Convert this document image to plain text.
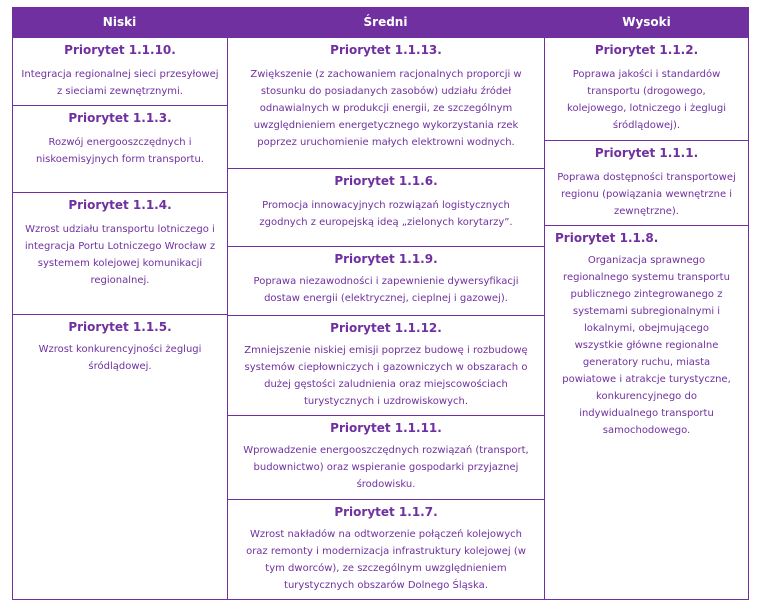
Niski	Średni	Wysoki
Priorytet 1.1.10.
Integracja regionalnej sieci przesyłowej z sieciami zewnętrznymi.
Priorytet 1.1.3.
Rozwój energooszczędnych i niskoemisyjnych form transportu.
Priorytet 1.1.4.
Wzrost udziału transportu lotniczego i integracja Portu Lotniczego Wrocław z systemem kolejowej komunikacji regionalnej.
Priorytet 1.1.5.
Wzrost konkurencyjności żeglugi śródlądowej.
Priorytet 1.1.13.
Zwiększenie (z zachowaniem racjonalnych proporcji w stosunku do posiadanych zasobów) udziału źródeł odnawialnych w produkcji energii, ze szczególnym uwzględnieniem energetycznego wykorzystania rzek poprzez uruchomienie małych elektrowni wodnych.
Priorytet 1.1.6.
Promocja innowacyjnych rozwiązań logistycznych zgodnych z europejską ideą „zielonych korytarzy”.
Priorytet 1.1.9.
Poprawa niezawodności i zapewnienie dywersyfikacji dostaw energii (elektrycznej, cieplnej i gazowej).
Priorytet 1.1.12.
Zmniejszenie niskiej emisji poprzez budowę i rozbudowę systemów ciepłowniczych i gazowniczych w obszarach o dużej gęstości zaludnienia oraz miejscowościach turystycznych i uzdrowiskowych.
Priorytet 1.1.11.
Wprowadzenie energooszczędnych rozwiązań (transport, budownictwo) oraz wspieranie gospodarki przyjaznej środowisku.
Priorytet 1.1.7.
Wzrost nakładów na odtworzenie połączeń kolejowych oraz remonty i modernizacja infrastruktury kolejowej (w tym dworców), ze szczególnym uwzględnieniem turystycznych obszarów Dolnego Śląska.
Priorytet 1.1.2.
Poprawa jakości i standardów transportu (drogowego, kolejowego, lotniczego i żeglugi śródlądowej).
Priorytet 1.1.1.
Poprawa dostępności transportowej regionu (powiązania wewnętrzne i zewnętrzne).
Priorytet 1.1.8.
Organizacja sprawnego regionalnego systemu transportu publicznego zintegrowanego z systemami subregionalnymi i lokalnymi, obejmującego wszystkie główne regionalne generatory ruchu, miasta powiatowe i atrakcje turystyczne, konkurencyjnego do indywidualnego transportu samochodowego.
